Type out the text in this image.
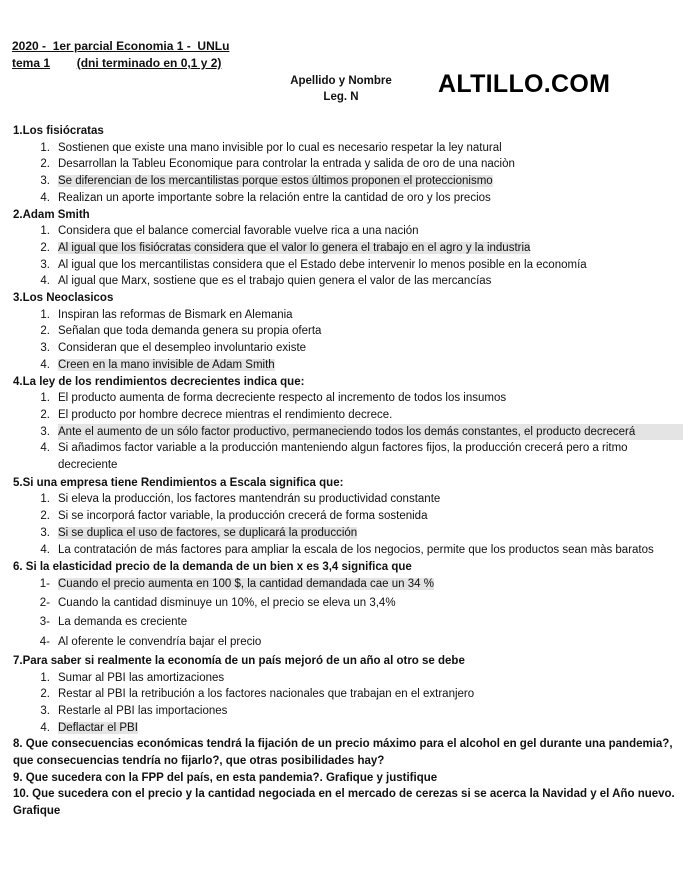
2020 -  1er parcial Economia 1 -  UNLu
tema 1 (dni terminado en 0,1 y 2)
Apellido y Nombre
Leg. N	ALTILLO.COM
1.Los fisiócratas
1. Sostienen que existe una mano invisible por lo cual es necesario respetar la ley natural
2. Desarrollan la Tableu Economique para controlar la entrada y salida de oro de una naciòn
3. Se diferencian de los mercantilistas porque estos últimos proponen el proteccionismo
4. Realizan un aporte importante sobre la relación entre la cantidad de oro y los precios
2.Adam Smith
1. Considera que el balance comercial favorable vuelve rica a una nación
2. Al igual que los fisiócratas considera que el valor lo genera el trabajo en el agro y la industria
3. Al igual que los mercantilistas considera que el Estado debe intervenir lo menos posible en la economía
4. Al igual que Marx, sostiene que es el trabajo quien genera el valor de las mercancías
3.Los Neoclasicos
1. Inspiran las reformas de Bismark en Alemania
2. Señalan que toda demanda genera su propia oferta
3. Consideran que el desempleo involuntario existe
4. Creen en la mano invisible de Adam Smith
4.La ley de los rendimientos decrecientes indica que:
1. El producto aumenta de forma decreciente respecto al incremento de todos los insumos
2. El producto por hombre decrece mientras el rendimiento decrece.
3. Ante el aumento de un sólo factor productivo, permaneciendo todos los demás constantes, el producto decrecerá
4. Si añadimos factor variable a la producción manteniendo algun factores fijos, la producción crecerá pero a ritmo decreciente
5.Si una empresa tiene Rendimientos a Escala significa que:
1. Si eleva la producción, los factores mantendrán su productividad constante
2. Si se incorporá factor variable, la producción crecerá de forma sostenida
3. Si se duplica el uso de factores, se duplicará la producción
4. La contratación de más factores para ampliar la escala de los negocios, permite que los productos sean màs baratos
6. Si la elasticidad precio de la demanda de un bien x es 3,4 significa que
1- Cuando el precio aumenta en 100 $, la cantidad demandada cae un 34 %
2- Cuando la cantidad disminuye un 10%, el precio se eleva un 3,4%
3- La demanda es creciente
4- Al oferente le convendría bajar el precio
7.Para saber si realmente la economía de un país mejoró de un año al otro se debe
1. Sumar al PBI las amortizaciones
2. Restar al PBI la retribución a los factores nacionales que trabajan en el extranjero
3. Restarle al PBI las importaciones
4. Deflactar el PBI
8. Que consecuencias económicas tendrá la fijación de un precio máximo para el alcohol en gel durante una pandemia?, que consecuencias tendría no fijarlo?, que otras posibilidades hay?
9. Que sucedera con la FPP del país, en esta pandemia?. Grafique y justifique
10. Que sucedera con el precio y la cantidad negociada en el mercado de cerezas si se acerca la Navidad y el Año nuevo. Grafique
